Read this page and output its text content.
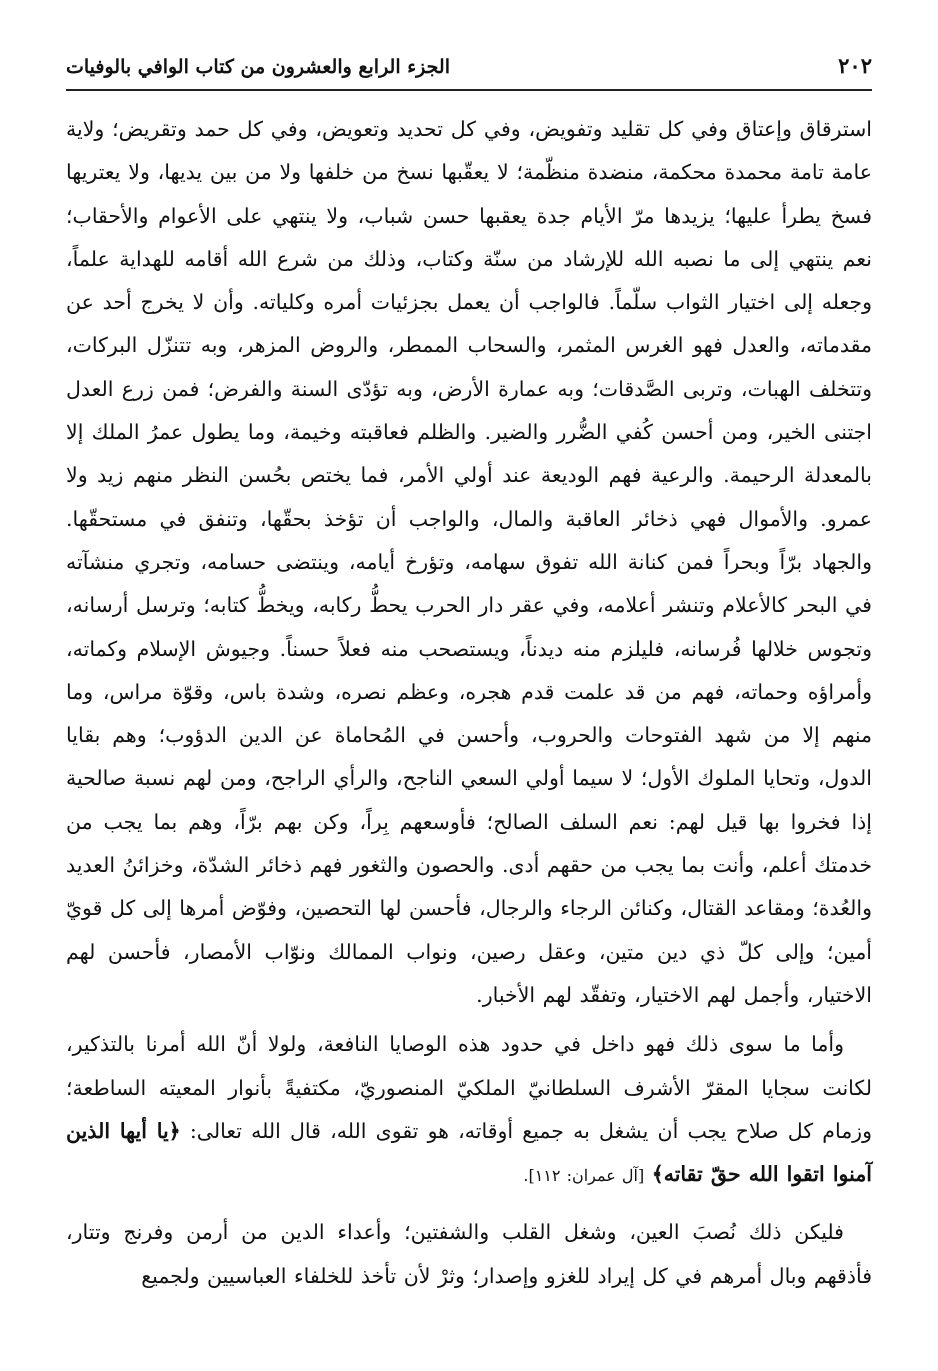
٢٠٢
الجزء الرابع والعشرون من كتاب الوافي بالوفيات

استرقاق وإعتاق وفي كل تقليد وتفويض، وفي كل تحديد وتعويض، وفي كل حمد وتقريض؛ ولاية عامة تامة محمدة محكمة، منضدة منظّمة؛ لا يعقّبها نسخ من خلفها ولا من بين يديها، ولا يعتريها فسخ يطرأ عليها؛ يزيدها مرّ الأيام جدة يعقبها حسن شباب، ولا ينتهي على الأعوام والأحقاب؛ نعم ينتهي إلى ما نصبه الله للإرشاد من سنّة وكتاب، وذلك من شرع الله أقامه للهداية علماً، وجعله إلى اختيار الثواب سلّماً. فالواجب أن يعمل بجزئيات أمره وكلياته. وأن لا يخرج أحد عن مقدماته، والعدل فهو الغرس المثمر، والسحاب الممطر، والروض المزهر، وبه تتنزّل البركات، وتتخلف الهبات، وتربى الصَّدقات؛ وبه عمارة الأرض، وبه تؤدّى السنة والفرض؛ فمن زرع العدل اجتنى الخير، ومن أحسن كُفي الضُّرر والضير. والظلم فعاقبته وخيمة، وما يطول عمرُ الملك إلا بالمعدلة الرحيمة. والرعية فهم الوديعة عند أولي الأمر، فما يختص بحُسن النظر منهم زيد ولا عمرو. والأموال فهي ذخائر العاقبة والمال، والواجب أن تؤخذ بحقّها، وتنفق في مستحقّها. والجهاد برّاً وبحراً فمن كنانة الله تفوق سهامه، وتؤرخ أيامه، وينتضى حسامه، وتجري منشآته في البحر كالأعلام وتنشر أعلامه، وفي عقر دار الحرب يحطُّ ركابه، ويخطُّ كتابه؛ وترسل أرسانه، وتجوس خلالها فُرسانه، فليلزم منه ديدناً، ويستصحب منه فعلاً حسناً. وجيوش الإسلام وكماته، وأمراؤه وحماته، فهم من قد علمت قدم هجره، وعظم نصره، وشدة باس، وقوّة مراس، وما منهم إلا من شهد الفتوحات والحروب، وأحسن في المُحاماة عن الدين الدؤوب؛ وهم بقايا الدول، وتحايا الملوك الأول؛ لا سيما أولي السعي الناجح، والرأي الراجح، ومن لهم نسبة صالحية إذا فخروا بها قيل لهم: نعم السلف الصالح؛ فأوسعهم بِراً، وكن بهم برّاً، وهم بما يجب من خدمتك أعلم، وأنت بما يجب من حقهم أدى. والحصون والثغور فهم ذخائر الشدّة، وخزائنُ العديد والعُدة؛ ومقاعد القتال، وكنائن الرجاء والرجال، فأحسن لها التحصين، وفوّض أمرها إلى كل قويّ أمين؛ وإلى كلّ ذي دين متين، وعقل رصين، ونواب الممالك ونوّاب الأمصار، فأحسن لهم الاختيار، وأجمل لهم الاختيار، وتفقّد لهم الأخبار.

وأما ما سوى ذلك فهو داخل في حدود هذه الوصايا النافعة، ولولا أنّ الله أمرنا بالتذكير، لكانت سجايا المقرّ الأشرف السلطانيّ الملكيّ المنصوريّ، مكتفيةً بأنوار المعيته الساطعة؛ وزمام كل صلاح يجب أن يشغل به جميع أوقاته، هو تقوى الله، قال الله تعالى: ﴿يا أيها الذين آمنوا اتقوا الله حقّ تقاته﴾ [آل عمران: ١١٢].

فليكن ذلك نُصبَ العين، وشغل القلب والشفتين؛ وأعداء الدين من أرمن وفرنج وتتار، فأذقهم وبال أمرهم في كل إيراد للغزو وإصدار؛ وثرْ لأن تأخذ للخلفاء العباسيين ولجميع
